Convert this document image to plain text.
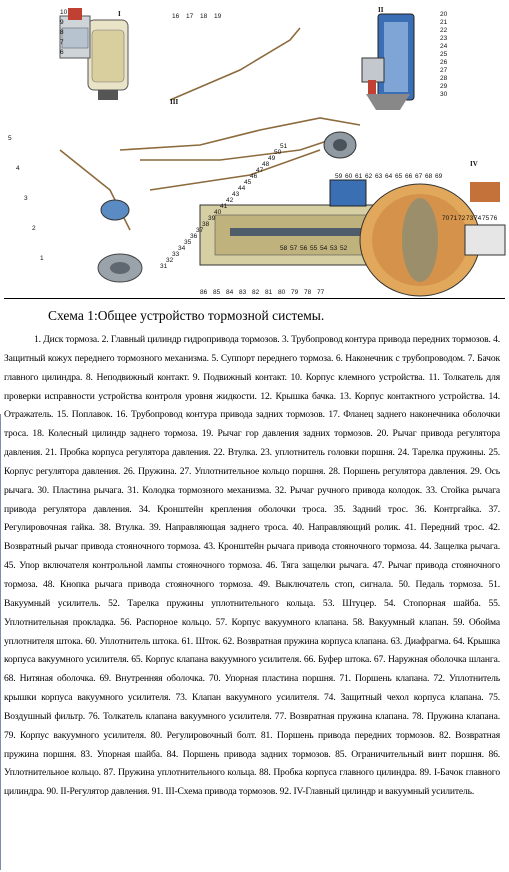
I	II
III
IV
10
9
8
7
6
16 17 18 19	20
21
22
23
24
25
26
27
28
29
30
5
4
3
2
1
31
32
33
34
35
36
37
38
39
40
41
42
43
44
45
46
47
48
49
50
51
59 60 61 62 63 64 65 66 67 68 69
70 71 72 73 74 75 76
86 85 84 83 82 81 80 79 78 77
58 57 56 55 54 53 52
Схема 1:Общее устройство тормозной системы.
1. Диск тормоза. 2. Главный цилиндр гидропривода тормозов. 3. Трубопровод контура привода передних тормозов. 4. Защитный кожух переднего тормозного механизма. 5. Суппорт переднего тормоза. 6. Наконечник с трубопроводом. 7. Бачок главного цилиндра. 8. Неподвижный контакт. 9. Подвижный контакт. 10. Корпус клемного устройства. 11. Толкатель для проверки исправности устройства контроля уровня жидкости. 12. Крышка бачка. 13. Корпус контактного устройства. 14. Отражатель. 15. Поплавок. 16. Трубопровод контура привода задних тормозов. 17. Фланец заднего наконечника оболочки троса. 18. Колесный цилиндр заднего тормоза. 19. Рычаг гор давления задних тормозов. 20. Рычаг привода регулятора давления. 21. Пробка корпуса регулятора давления. 22. Втулка. 23. уплотнитель головки поршня. 24. Тарелка пружины. 25. Корпус регулятора давления. 26. Пружина. 27. Уплотнительное кольцо поршня. 28. Поршень регулятора давления. 29. Ось рычага. 30. Пластина рычага. 31. Колодка тормозного механизма. 32. Рычаг ручного привода колодок. 33. Стойка рычага привода регулятора давления. 34. Кронштейн крепления оболочки троса. 35. Задний трос. 36. Контргайка. 37. Регулировочная гайка. 38. Втулка. 39. Направляющая заднего троса. 40. Направляющий ролик. 41. Передний трос. 42. Возвратный рычаг привода стояночного тормоза. 43. Кронштейн рычага привода стояночного тормоза. 44. Защелка рычага. 45. Упор включателя контрольной лампы стояночного тормоза. 46. Тяга защелки рычага. 47. Рычаг привода стояночного тормоза. 48. Кнопка рычага привода стояночного тормоза. 49. Выключатель стоп, сигнала. 50. Педаль тормоза. 51. Вакуумный усилитель. 52. Тарелка пружины уплотнительного кольца. 53. Штуцер. 54. Стопорная шайба. 55. Уплотнительная прокладка. 56. Распорное кольцо. 57. Корпус вакуумного клапана. 58. Вакуумный клапан. 59. Обойма уплотнителя штока. 60. Уплотнитель штока. 61. Шток. 62. Возвратная пружина корпуса клапана. 63. Диафрагма. 64. Крышка корпуса вакуумного усилителя. 65. Корпус клапана вакуумного усилителя. 66. Буфер штока. 67. Наружная оболочка шланга. 68. Нитяная оболочка. 69. Внутренняя оболочка. 70. Упорная пластина поршня. 71. Поршень клапана. 72. Уплотнитель крышки корпуса вакуумного усилителя. 73. Клапан вакуумного усилителя. 74. Защитный чехол корпуса клапана. 75. Воздушный фильтр. 76. Толкатель клапана вакуумного усилителя. 77. Возвратная пружина клапана. 78. Пружина клапана. 79. Корпус вакуумного усилителя. 80. Регулировочный болт. 81. Поршень привода передних тормозов. 82. Возвратная пружина поршня. 83. Упорная шайба. 84. Поршень привода задних тормозов. 85. Ограничительный винт поршня. 86. Уплотнительное кольцо. 87. Пружина уплотнительного кольца. 88. Пробка корпуса главного цилиндра. 89. I-Бачок главного цилиндра. 90. II-Регулятор давления. 91. III-Схема привода тормозов. 92. IV-Главный цилиндр и вакуумный усилитель.
